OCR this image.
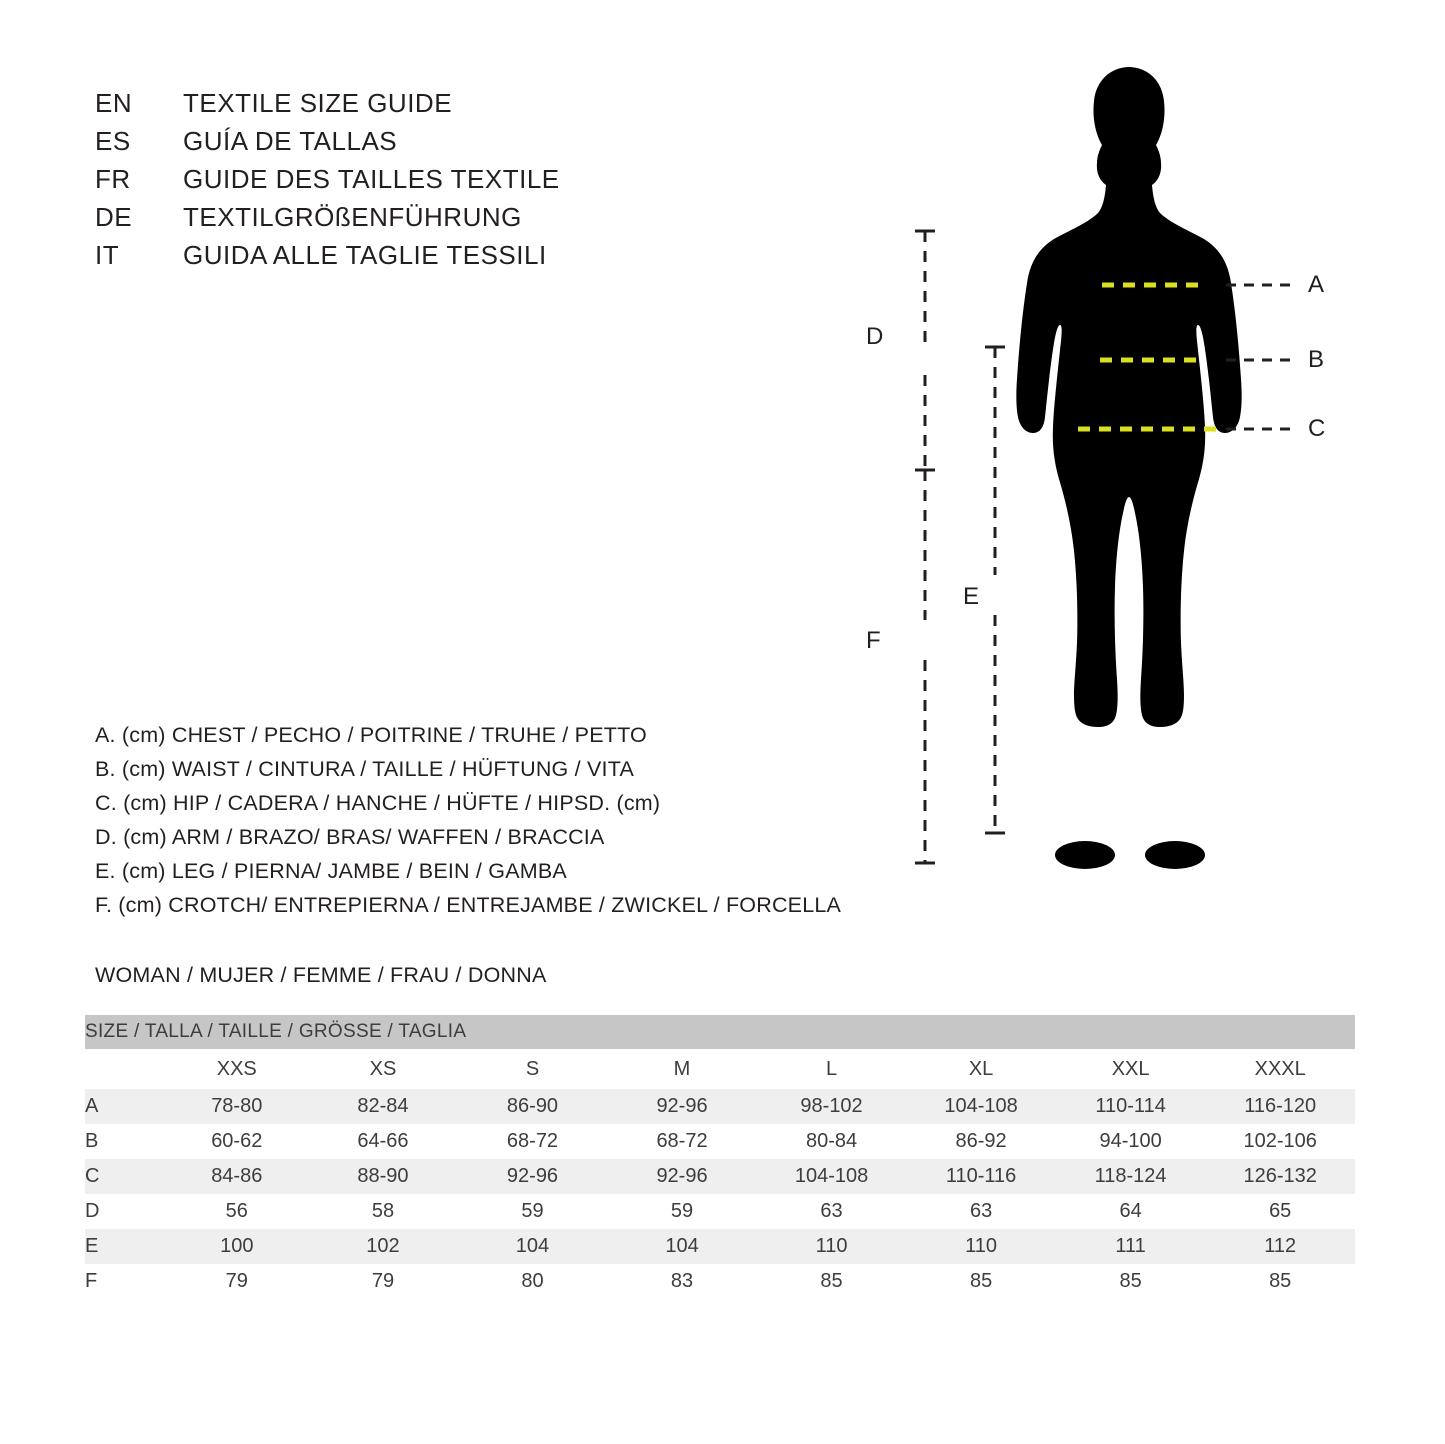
EN	TEXTILE SIZE GUIDE
ES	GUÍA DE TALLAS
FR	GUIDE DES TAILLES TEXTILE
DE	TEXTILGRÖßENFÜHRUNG
IT	GUIDA ALLE TAGLIE TESSILI
A
B
C
D
E
F
A. (cm) CHEST / PECHO / POITRINE / TRUHE / PETTO
B. (cm) WAIST / CINTURA / TAILLE / HÜFTUNG / VITA
C. (cm) HIP / CADERA / HANCHE / HÜFTE / HIPSD. (cm)
D. (cm) ARM / BRAZO/ BRAS/ WAFFEN / BRACCIA
E. (cm) LEG / PIERNA/ JAMBE / BEIN / GAMBA
F. (cm) CROTCH/ ENTREPIERNA / ENTREJAMBE / ZWICKEL / FORCELLA
WOMAN / MUJER / FEMME / FRAU / DONNA
SIZE / TALLA / TAILLE / GRÖSSE / TAGLIA								
	XXS	XS	S	M	L	XL	XXL	XXXL
A	78-80	82-84	86-90	92-96	98-102	104-108	110-114	116-120
B	60-62	64-66	68-72	68-72	80-84	86-92	94-100	102-106
C	84-86	88-90	92-96	92-96	104-108	110-116	118-124	126-132
D	56	58	59	59	63	63	64	65
E	100	102	104	104	110	110	111	112
F	79	79	80	83	85	85	85	85
